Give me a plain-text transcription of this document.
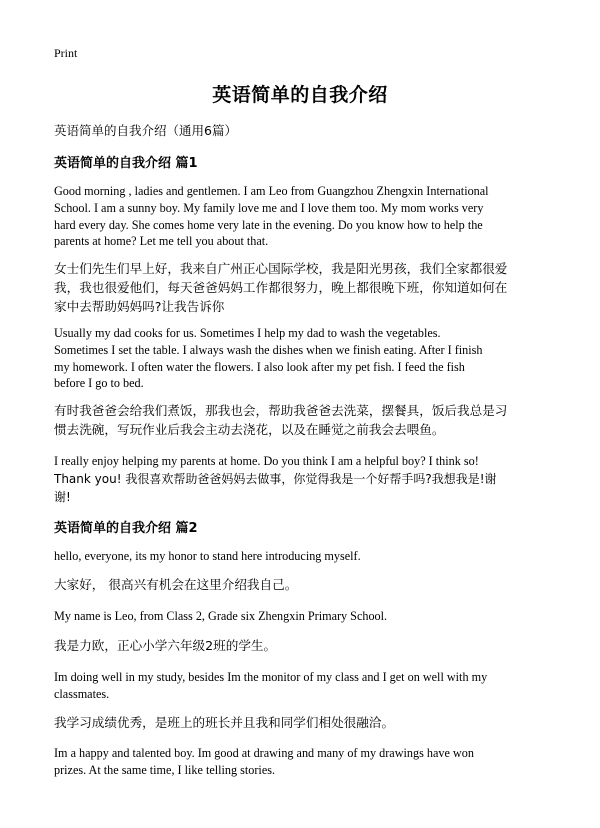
Print
英语简单的自我介绍
英语简单的自我介绍（通用6篇）
英语简单的自我介绍 篇1
Good morning , ladies and gentlemen. I am Leo from Guangzhou Zhengxin International
School. I am a sunny boy. My family love me and I love them too. My mom works very
hard every day. She comes home very late in the evening. Do you know how to help the
parents at home? Let me tell you about that.
女士们先生们早上好，我来自广州正心国际学校，我是阳光男孩，我们全家都很爱
我，我也很爱他们，每天爸爸妈妈工作都很努力，晚上都很晚下班，你知道如何在
家中去帮助妈妈吗?让我告诉你
Usually my dad cooks for us. Sometimes I help my dad to wash the vegetables.
Sometimes I set the table. I always wash the dishes when we finish eating. After I finish
my homework. I often water the flowers. I also look after my pet fish. I feed the fish
before I go to bed.
有时我爸爸会给我们煮饭，那我也会，帮助我爸爸去洗菜，摆餐具，饭后我总是习
惯去洗碗，写玩作业后我会主动去浇花，以及在睡觉之前我会去喂鱼。
I really enjoy helping my parents at home. Do you think I am a helpful boy? I think so!
Thank you! 我很喜欢帮助爸爸妈妈去做事，你觉得我是一个好帮手吗?我想我是!谢
谢!
英语简单的自我介绍 篇2
hello, everyone, its my honor to stand here introducing myself.
大家好， 很高兴有机会在这里介绍我自己。
My name is Leo, from Class 2, Grade six Zhengxin Primary School.
我是力欧，正心小学六年级2班的学生。
Im doing well in my study, besides Im the monitor of my class and I get on well with my
classmates.
我学习成绩优秀，是班上的班长并且我和同学们相处很融洽。
Im a happy and talented boy. Im good at drawing and many of my drawings have won
prizes. At the same time, I like telling stories.
